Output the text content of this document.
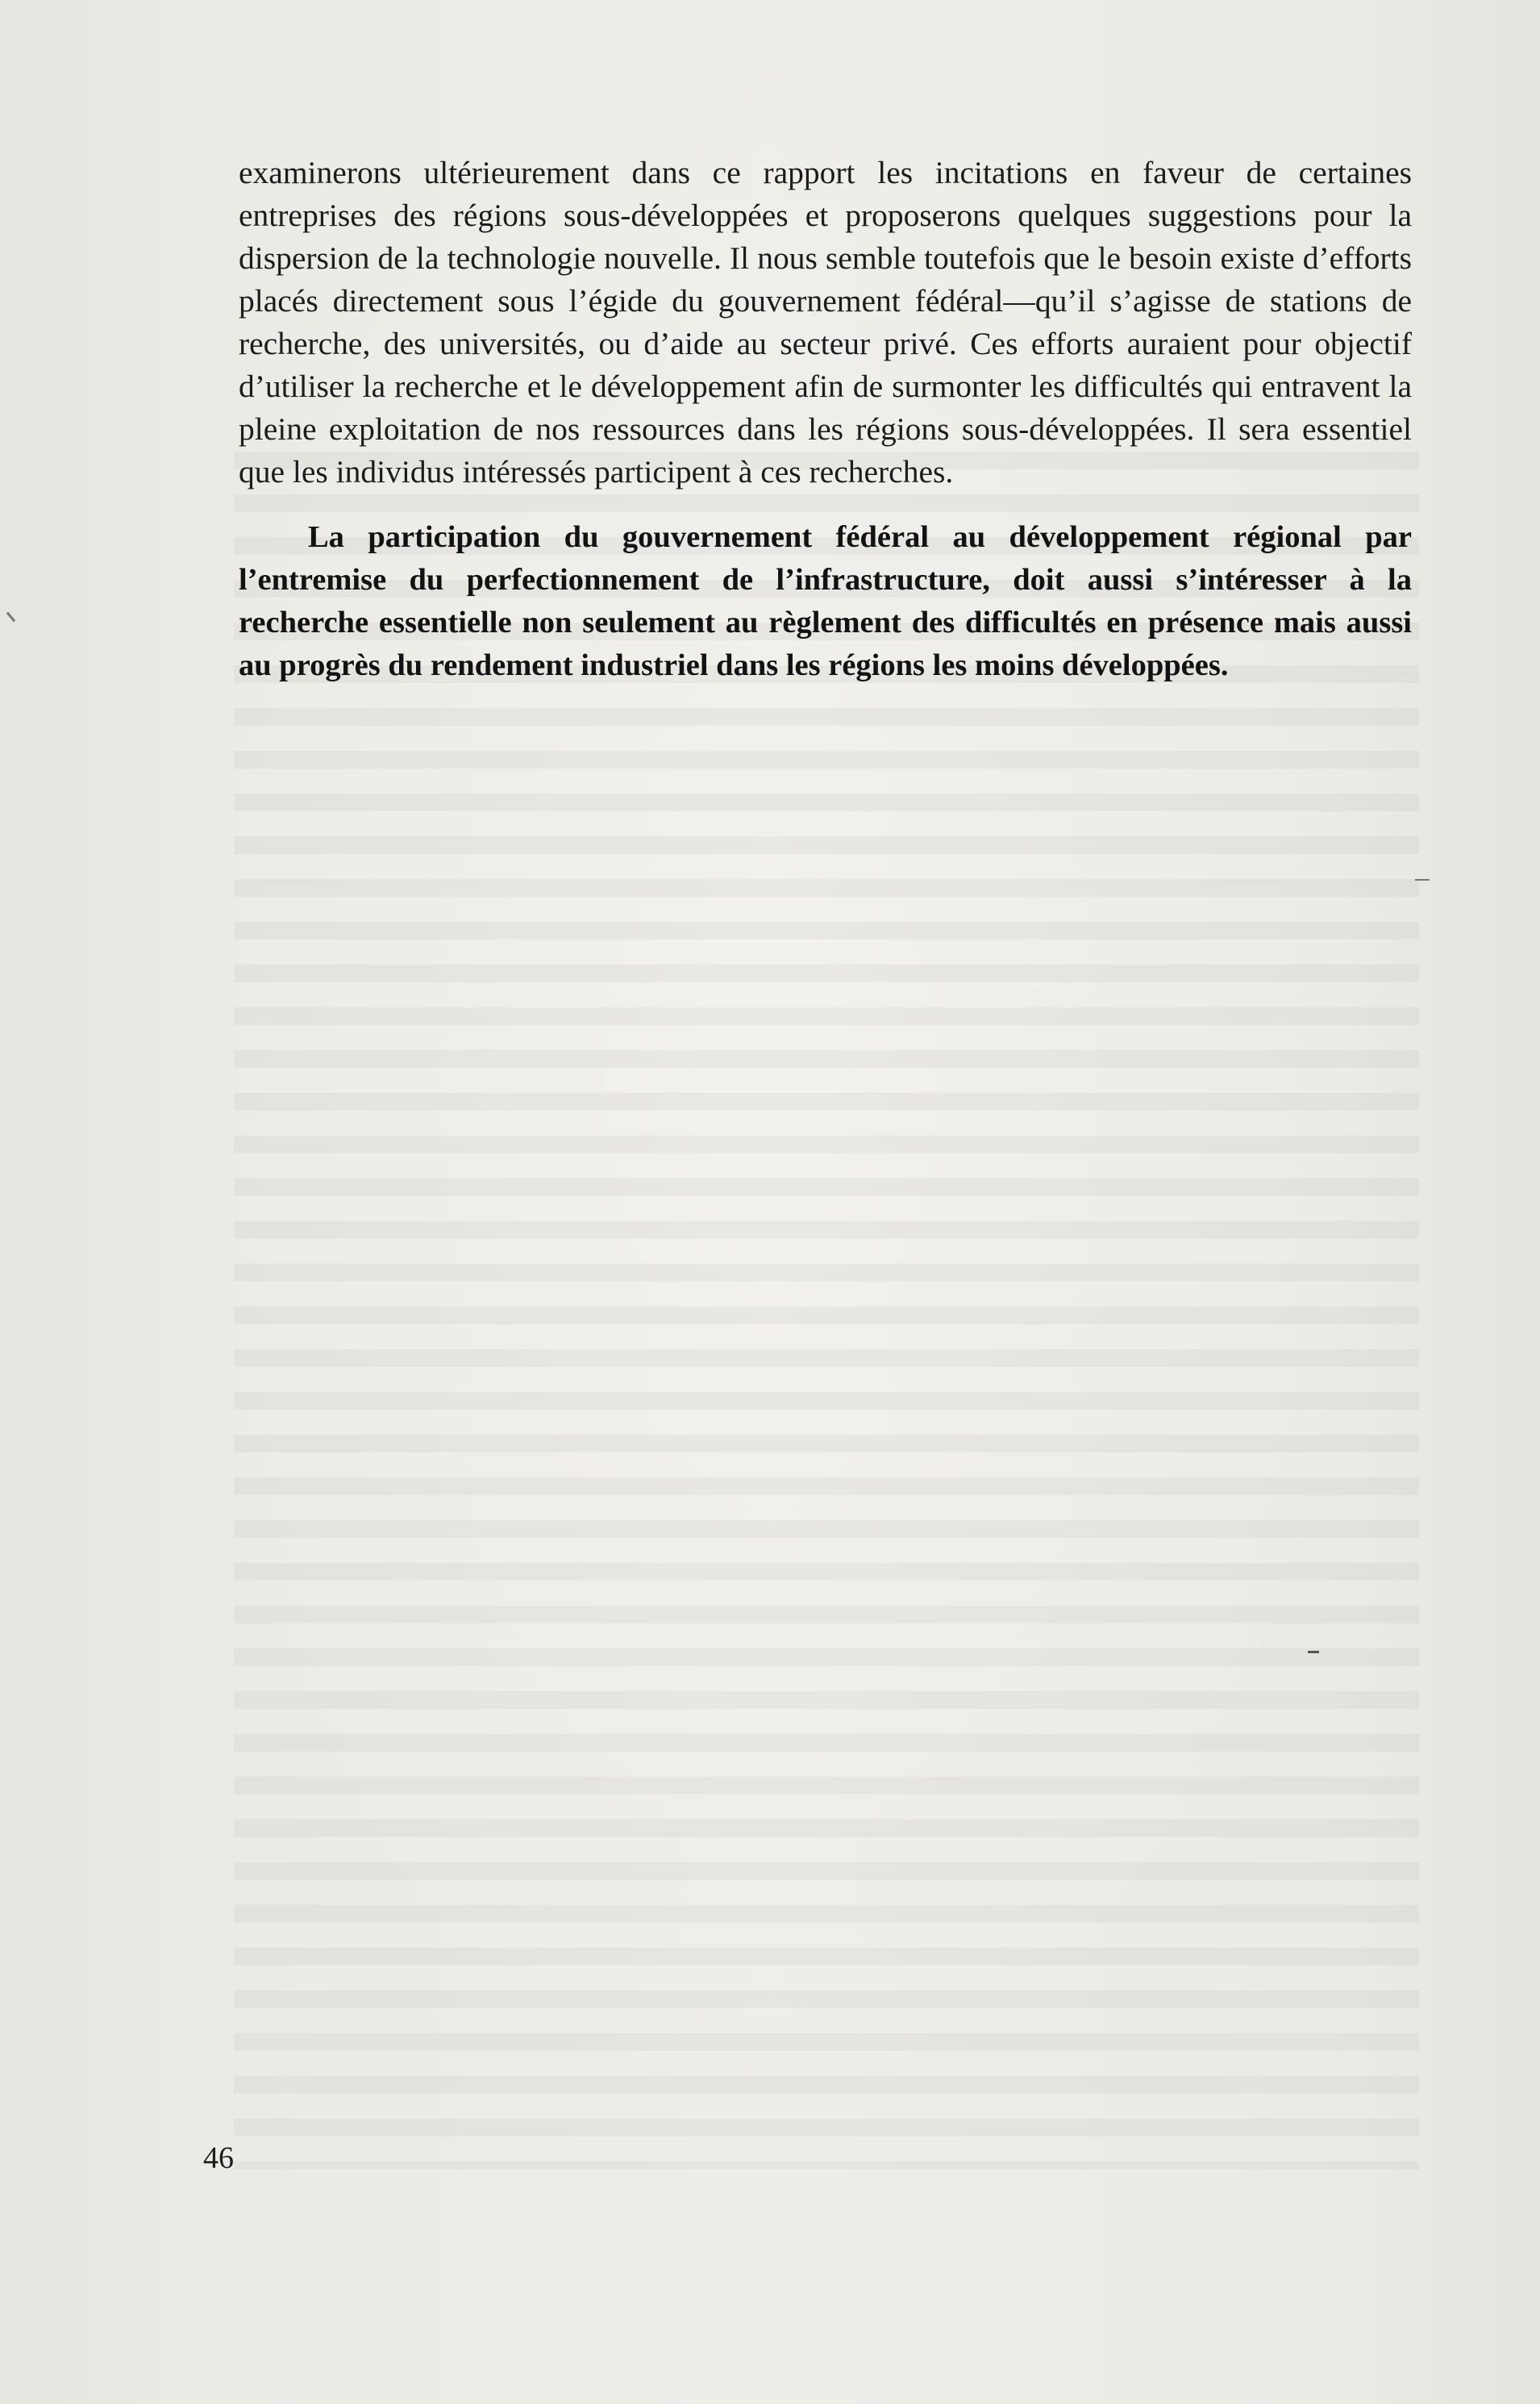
examinerons ultérieurement dans ce rapport les incitations en faveur de certaines entreprises des régions sous-développées et proposerons quelques suggestions pour la dispersion de la technologie nouvelle. Il nous semble toutefois que le besoin existe d’efforts placés directement sous l’égide du gouvernement fédéral—qu’il s’agisse de stations de recherche, des universités, ou d’aide au secteur privé. Ces efforts auraient pour objectif d’utiliser la recherche et le développement afin de surmonter les difficultés qui entravent la pleine exploitation de nos ressources dans les régions sous-développées. Il sera essentiel que les individus intéressés participent à ces recherches.

La participation du gouvernement fédéral au développement régional par l’entremise du perfectionnement de l’infrastructure, doit aussi s’intéresser à la recherche essentielle non seulement au règlement des difficultés en présence mais aussi au progrès du rendement industriel dans les régions les moins développées.

46
